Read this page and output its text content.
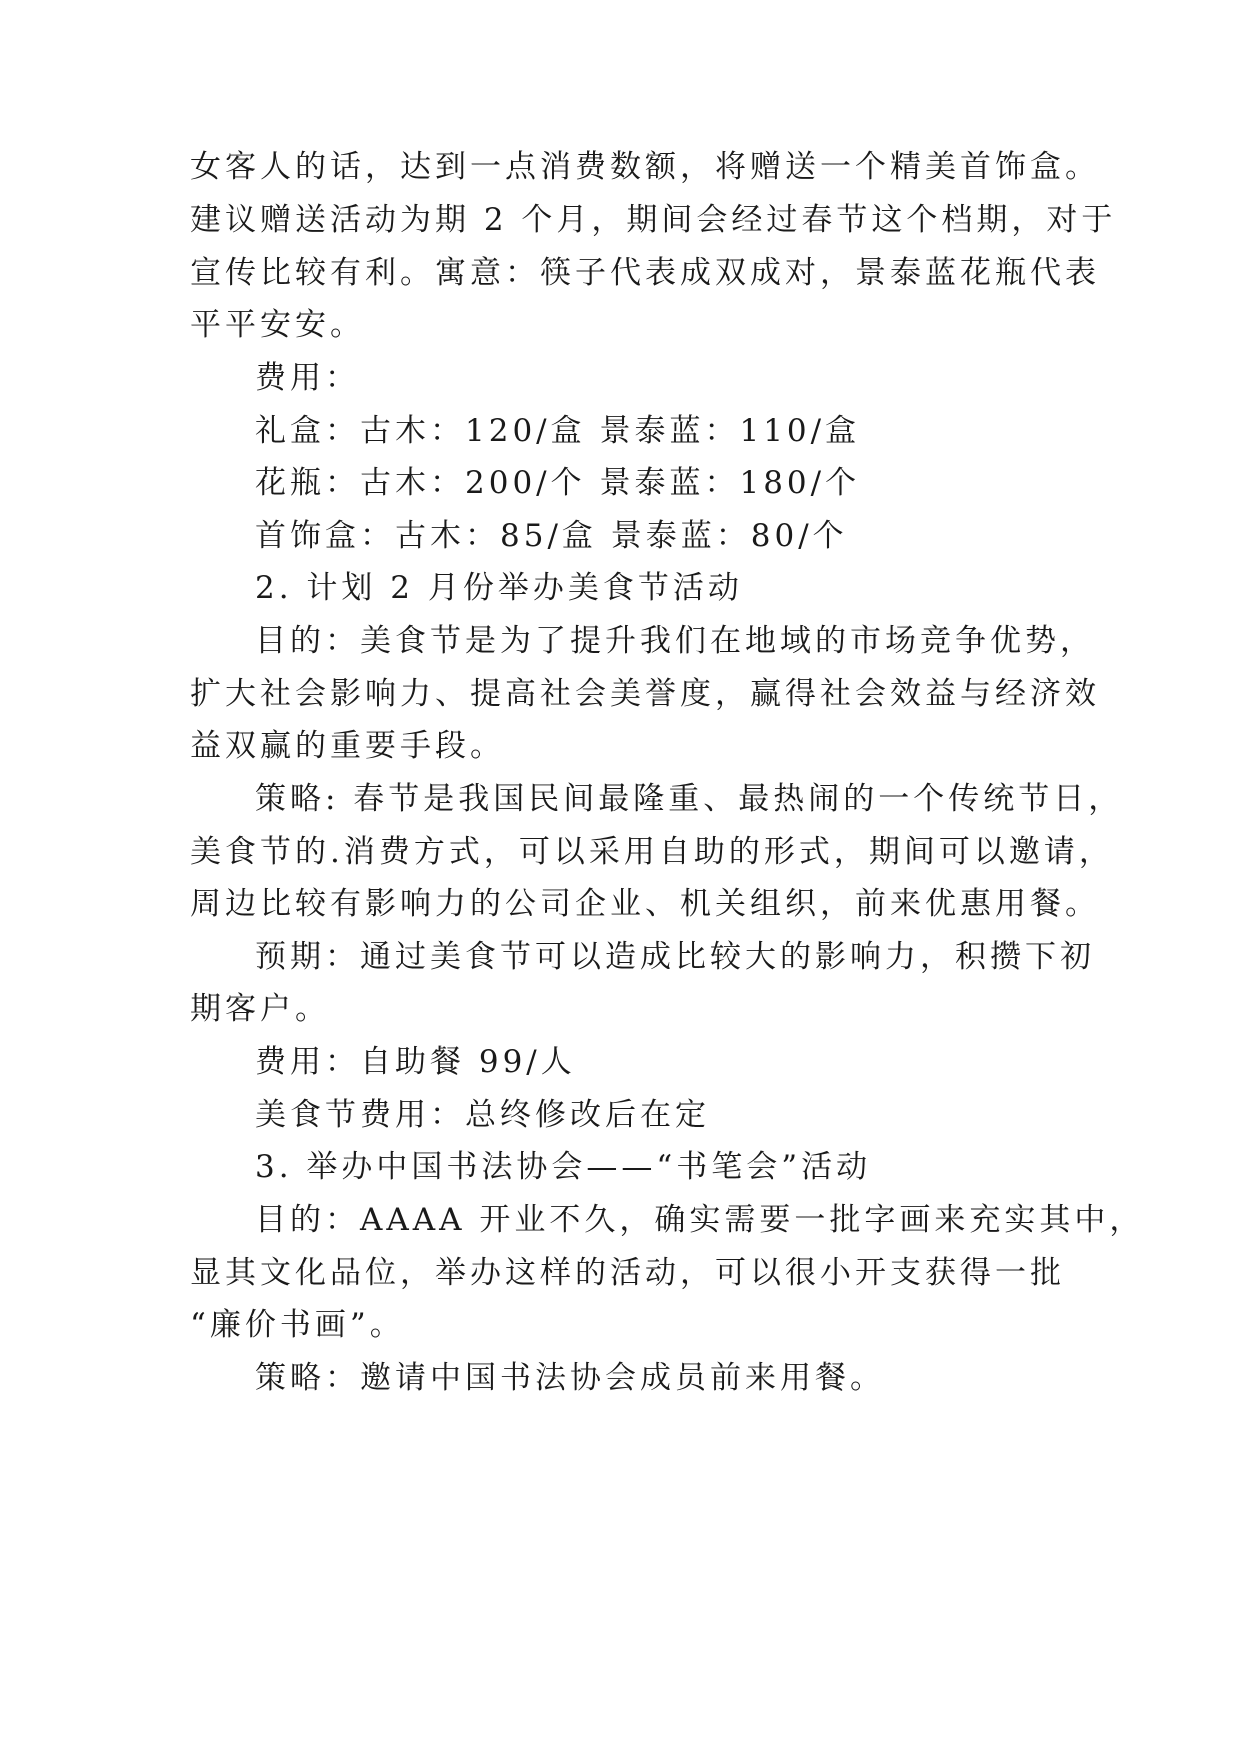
女客人的话，达到一点消费数额，将赠送一个精美首饰盒。
建议赠送活动为期 2 个月，期间会经过春节这个档期，对于
宣传比较有利。寓意：筷子代表成双成对，景泰蓝花瓶代表
平平安安。
费用：
礼盒：古木：120/盒 景泰蓝：110/盒
花瓶：古木：200/个 景泰蓝：180/个
首饰盒：古木：85/盒 景泰蓝：80/个
2. 计划 2 月份举办美食节活动
目的：美食节是为了提升我们在地域的市场竞争优势，
扩大社会影响力、提高社会美誉度，赢得社会效益与经济效
益双赢的重要手段。
策略: 春节是我国民间最隆重、最热闹的一个传统节日，
美食节的.消费方式，可以采用自助的形式，期间可以邀请，
周边比较有影响力的公司企业、机关组织，前来优惠用餐。
预期：通过美食节可以造成比较大的影响力，积攒下初
期客户。
费用：自助餐 99/人
美食节费用：总终修改后在定
3. 举办中国书法协会——“书笔会”活动
目的：AAAA 开业不久，确实需要一批字画来充实其中，
显其文化品位，举办这样的活动，可以很小开支获得一批
“廉价书画”。
策略：邀请中国书法协会成员前来用餐。
